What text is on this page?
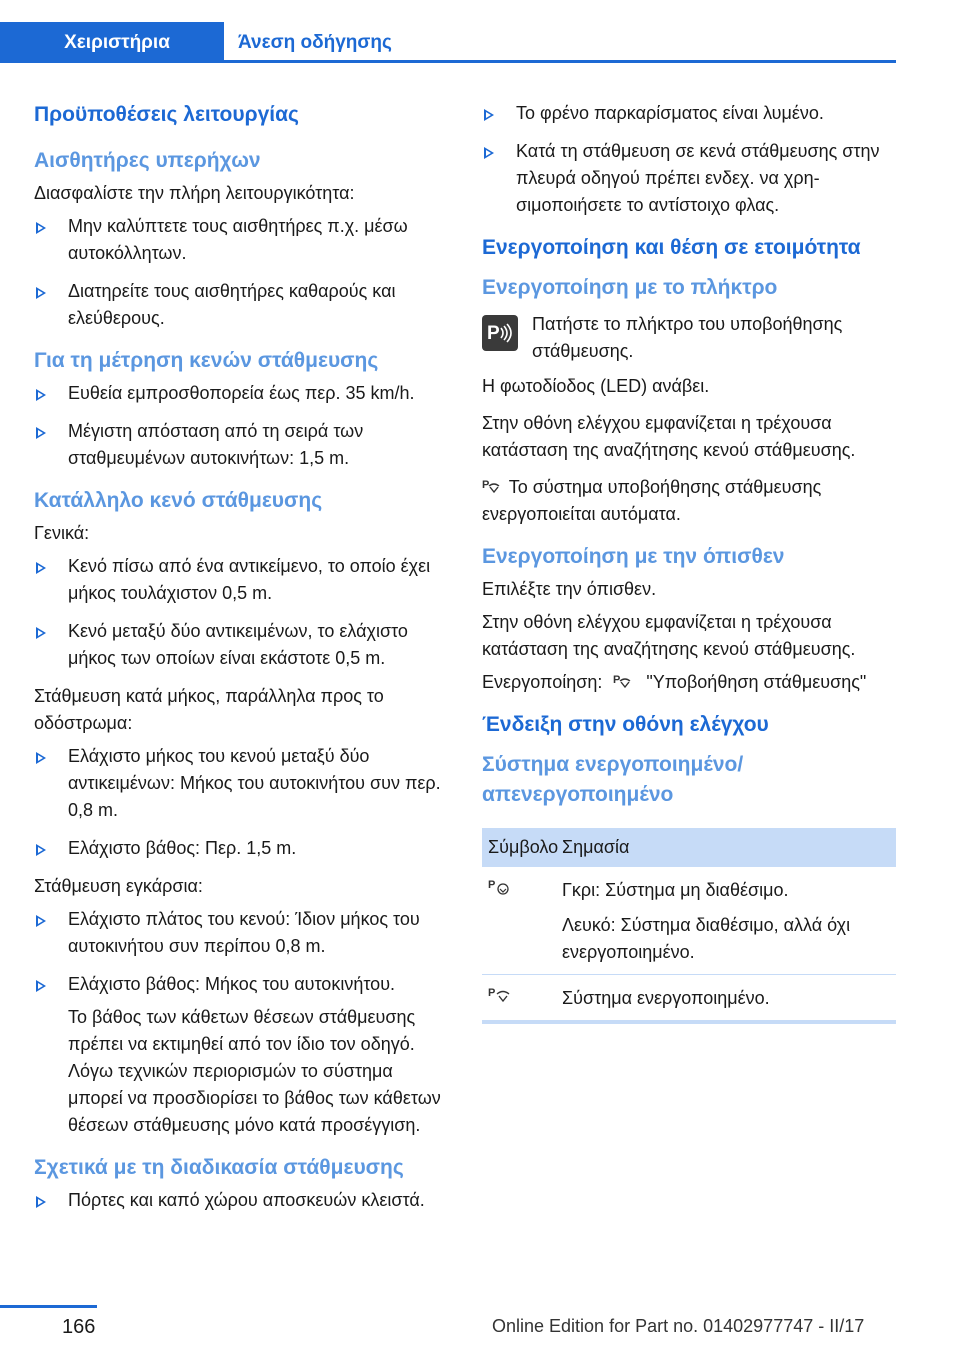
Χειριστήρια	Άνεση οδήγησης
Προϋποθέσεις λειτουργίας
Αισθητήρες υπερήχων
Διασφαλίστε την πλήρη λειτουργικότητα:
Μην καλύπτετε τους αισθητήρες π.χ. μέσω αυτοκόλλητων.
Διατηρείτε τους αισθητήρες καθαρούς και ελεύθερους.
Για τη μέτρηση κενών στάθμευσης
Ευθεία εμπροσθοπορεία έως περ. 35 km/h.
Μέγιστη απόσταση από τη σειρά των σταθμευμένων αυτοκινήτων: 1,5 m.
Κατάλληλο κενό στάθμευσης
Γενικά:
Κενό πίσω από ένα αντικείμενο, το οποίο έχει μήκος τουλάχιστον 0,5 m.
Κενό μεταξύ δύο αντικειμένων, το ελάχιστο μήκος των οποίων είναι εκάστοτε 0,5 m.
Στάθμευση κατά μήκος, παράλληλα προς το οδόστρωμα:
Ελάχιστο μήκος του κενού μεταξύ δύο αντικειμένων: Μήκος του αυτοκινήτου συν περ. 0,8 m.
Ελάχιστο βάθος: Περ. 1,5 m.
Στάθμευση εγκάρσια:
Ελάχιστο πλάτος του κενού: Ίδιον μήκος του αυτοκινήτου συν περίπου 0,8 m.
Ελάχιστο βάθος: Μήκος του αυτοκινήτου.
Το βάθος των κάθετων θέσεων στάθμευσης πρέπει να εκτιμηθεί από τον ίδιο τον οδηγό. Λόγω τεχνικών περιορισμών το σύστημα μπορεί να προσδιορίσει το βάθος των κάθετων θέσεων στάθμευσης μόνο κατά προσέγγιση.
Σχετικά με τη διαδικασία στάθμευσης
Πόρτες και καπό χώρου αποσκευών κλειστά.
Το φρένο παρκαρίσματος είναι λυμένο.
Κατά τη στάθμευση σε κενά στάθμευσης στην πλευρά οδηγού πρέπει ενδεχ. να χρησιμοποιήσετε το αντίστοιχο φλας.
Ενεργοποίηση και θέση σε ετοιμότητα
Ενεργοποίηση με το πλήκτρο
P Πατήστε το πλήκτρο του υποβοήθησης στάθμευσης.
Η φωτοδίοδος (LED) ανάβει.
Στην οθόνη ελέγχου εμφανίζεται η τρέχουσα κατάσταση της αναζήτησης κενού στάθμευσης.
P Το σύστημα υποβοήθησης στάθμευσης ενεργοποιείται αυτόματα.
Ενεργοποίηση με την όπισθεν
Επιλέξτε την όπισθεν.
Στην οθόνη ελέγχου εμφανίζεται η τρέχουσα κατάσταση της αναζήτησης κενού στάθμευσης.
Ενεργοποίηση: P "Υποβοήθηση στάθμευσης"
Ένδειξη στην οθόνη ελέγχου
Σύστημα ενεργοποιημένο/ απενεργοποιημένο
Σύμβολο Σημασία
P	Γκρι: Σύστημα μη διαθέσιμο.
Λευκό: Σύστημα διαθέσιμο, αλλά όχι ενεργοποιημένο.
P	Σύστημα ενεργοποιημένο.
166	Online Edition for Part no. 01402977747 - II/17
